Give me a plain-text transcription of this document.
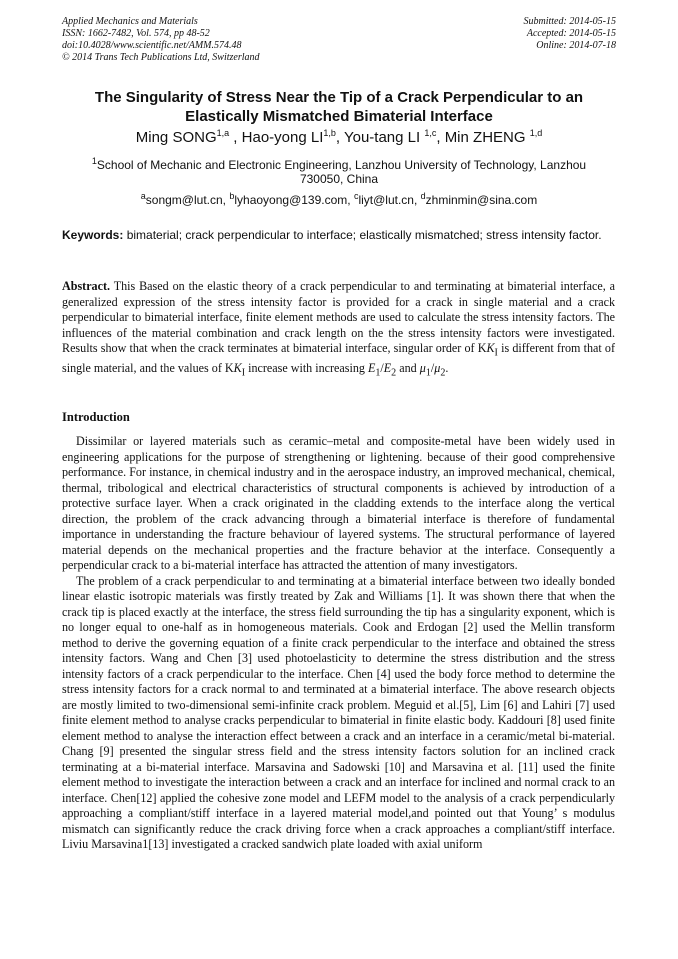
Applied Mechanics and Materials
ISSN: 1662-7482, Vol. 574, pp 48-52
doi:10.4028/www.scientific.net/AMM.574.48
© 2014 Trans Tech Publications Ltd, Switzerland
Submitted: 2014-05-15
Accepted: 2014-05-15
Online: 2014-07-18
The Singularity of Stress Near the Tip of a Crack Perpendicular to an
Elastically Mismatched Bimaterial Interface
Ming SONG$^{1,a}$ , Hao-yong LI$^{1,b}$, You-tang LI $^{1,c}$, Min ZHENG $^{1,d}$
$^1$School of Mechanic and Electronic Engineering, Lanzhou University of Technology, Lanzhou 730050, China
$^a$songm@lut.cn, $^b$lyhaoyong@139.com, $^c$liyt@lut.cn, $^d$zhminmin@sina.com
Keywords: bimaterial; crack perpendicular to interface; elastically mismatched; stress intensity factor.
Abstract. This Based on the elastic theory of a crack perpendicular to and terminating at bimaterial interface, a generalized expression of the stress intensity factor is provided for a crack in single material and a crack perpendicular to bimaterial interface, finite element methods are used to calculate the stress intensity factors. The influences of the material combination and crack length on the the stress intensity factors were investigated. Results show that when the crack terminates at bimaterial interface, singular order of $KK_I$ is different from that of single material, and the values of $KK_I$ increase with increasing $E_1/E_2$ and $\mu_1/\mu_2$.
Introduction

Dissimilar or layered materials such as ceramic–metal and composite-metal have been widely used in engineering applications for the purpose of strengthening or lightening. because of their good comprehensive performance. For instance, in chemical industry and in the aerospace industry, an improved mechanical, chemical, thermal, tribological and electrical characteristics of structural components is achieved by introduction of a protective surface layer. When a crack originated in the cladding extends to the interface along the vertical direction, the problem of the crack advancing through a bimaterial interface is therefore of fundamental importance in understanding the fracture behaviour of layered systems. The structural performance of layered material depends on the mechanical properties and the fracture behavior at the interface. Consequently a perpendicular crack to a bi-material interface has attracted the attention of many investigators.

The problem of a crack perpendicular to and terminating at a bimaterial interface between two ideally bonded linear elastic isotropic materials was firstly treated by Zak and Williams [1]. It was shown there that when the crack tip is placed exactly at the interface, the stress field surrounding the tip has a singularity exponent, which is no longer equal to one-half as in homogeneous materials. Cook and Erdogan [2] used the Mellin transform method to derive the governing equation of a finite crack perpendicular to the interface and obtained the stress intensity factors. Wang and Chen [3] used photoelasticity to determine the stress distribution and the stress intensity factors of a crack perpendicular to the interface. Chen [4] used the body force method to determine the stress intensity factors for a crack normal to and terminated at a bimaterial interface. The above research objects are mostly limited to two-dimensional semi-infinite crack problem. Meguid et al.[5], Lim [6] and Lahiri [7] used finite element method to analyse cracks perpendicular to bimaterial in finite elastic body. Kaddouri [8] used finite element method to analyse the interaction effect between a crack and an interface in a ceramic/metal bi-material. Chang [9] presented the singular stress field and the stress intensity factors solution for an inclined crack terminating at a bi-material interface. Marsavina and Sadowski [10] and Marsavina et al. [11] used the finite element method to investigate the interaction between a crack and an interface for inclined and normal crack to an interface. Chen[12] applied the cohesive zone model and LEFM model to the analysis of a crack perpendicularly approaching a compliant/stiff interface in a layered material model,and pointed out that Young’ s modulus mismatch can significantly reduce the crack driving force when a crack approaches a compliant/stiff interface. Liviu Marsavina1[13] investigated a cracked sandwich plate loaded with axial uniform
